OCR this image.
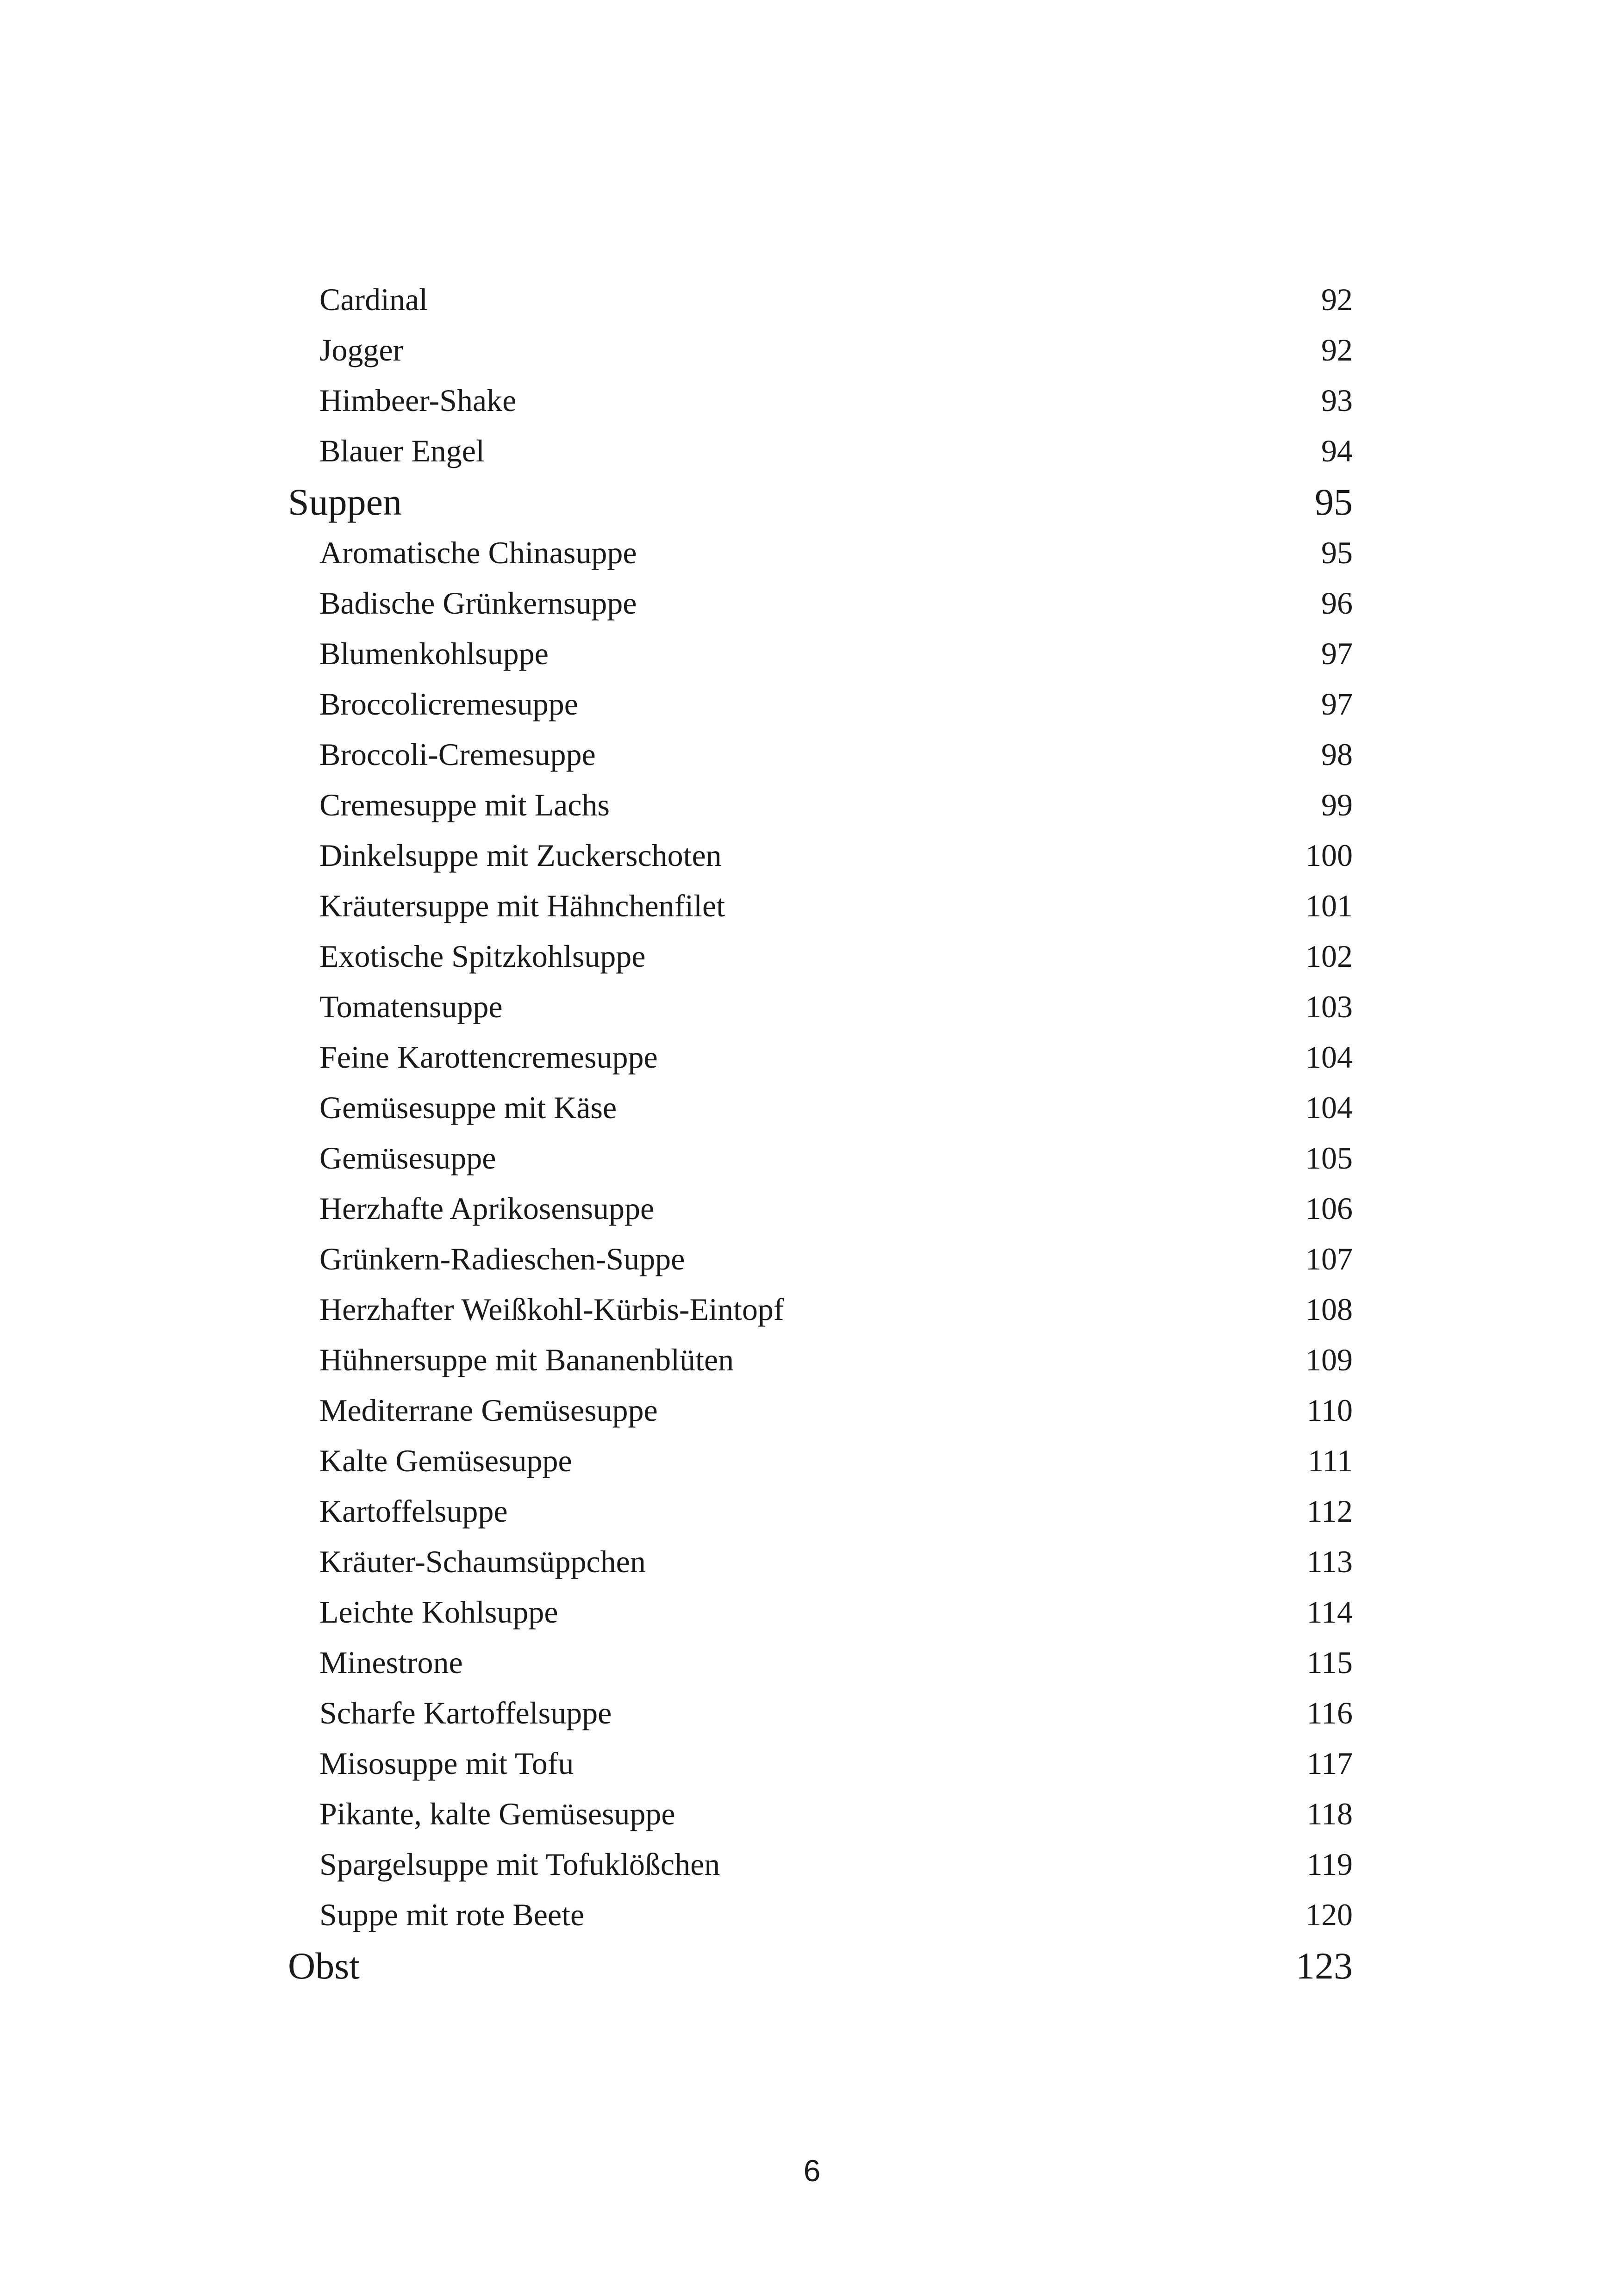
Cardinal	92
Jogger	92
Himbeer-Shake	93
Blauer Engel	94
Suppen	95
Aromatische Chinasuppe	95
Badische Grünkernsuppe	96
Blumenkohlsuppe	97
Broccolicremesuppe	97
Broccoli-Cremesuppe	98
Cremesuppe mit Lachs	99
Dinkelsuppe mit Zuckerschoten	100
Kräutersuppe mit Hähnchenfilet	101
Exotische Spitzkohlsuppe	102
Tomatensuppe	103
Feine Karottencremesuppe	104
Gemüsesuppe mit Käse	104
Gemüsesuppe	105
Herzhafte Aprikosensuppe	106
Grünkern-Radieschen-Suppe	107
Herzhafter Weißkohl-Kürbis-Eintopf	108
Hühnersuppe mit Bananenblüten	109
Mediterrane Gemüsesuppe	110
Kalte Gemüsesuppe	111
Kartoffelsuppe	112
Kräuter-Schaumsüppchen	113
Leichte Kohlsuppe	114
Minestrone	115
Scharfe Kartoffelsuppe	116
Misosuppe mit Tofu	117
Pikante, kalte Gemüsesuppe	118
Spargelsuppe mit Tofuklößchen	119
Suppe mit rote Beete	120
Obst	123
6
